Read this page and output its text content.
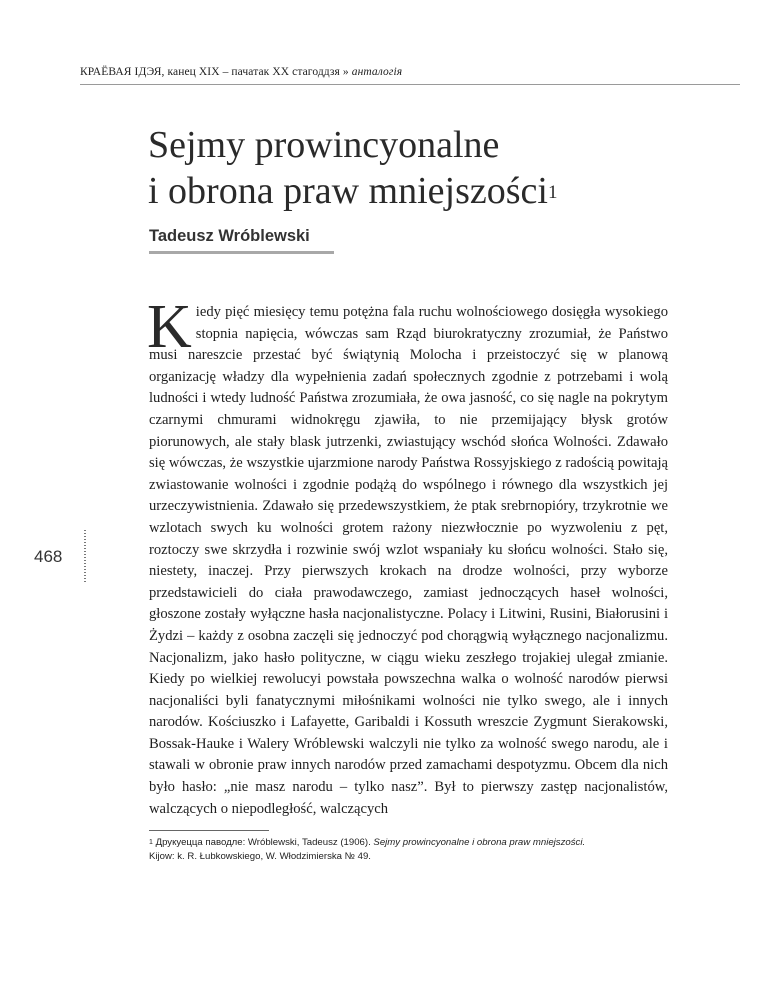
КРАЁВАЯ ІДЭЯ, канец XIX – пачатак XX стагоддзя » анталогія
Sejmy prowincyonalne
i obrona praw mniejszości$^1$
Tadeusz Wróblewski
468

Kiedy pięć miesięcy temu potężna fala ruchu wolnościowego dosięgła wysokiego stopnia napięcia, wówczas sam Rząd biurokratyczny zrozumiał, że Państwo musi nareszcie przestać być świątynią Molocha i przeistoczyć się w planową organizację władzy dla wypełnienia zadań społecznych zgodnie z potrzebami i wolą ludności i wtedy ludność Państwa zrozumiała, że owa jasność, co się nagle na pokrytym czarnymi chmurami widnokręgu zjawiła, to nie przemijający błysk grotów piorunowych, ale stały blask jutrzenki, zwiastujący wschód słońca Wolności. Zdawało się wówczas, że wszystkie ujarzmione narody Państwa Rossyjskiego z radością powitają zwiastowanie wolności i zgodnie podążą do wspólnego i równego dla wszystkich jej urzeczywistnienia. Zdawało się przedewszystkiem, że ptak srebrnopióry, trzykrotnie we wzlotach swych ku wolności grotem rażony niezwłocznie po wyzwoleniu z pęt, roztoczy swe skrzydła i rozwinie swój wzlot wspaniały ku słońcu wolności. Stało się, niestety, inaczej. Przy pierwszych krokach na drodze wolności, przy wyborze przedstawicieli do ciała prawodawczego, zamiast jednoczących haseł wolności, głoszone zostały wyłączne hasła nacjonalistyczne. Polacy i Litwini, Rusini, Białorusini i Żydzi – każdy z osobna zaczęli się jednoczyć pod chorągwią wyłącznego nacjonalizmu. Nacjonalizm, jako hasło polityczne, w ciągu wieku zeszłego trojakiej ulegał zmianie. Kiedy po wielkiej rewolucyi powstała powszechna walka o wolność narodów pierwsi nacjonaliści byli fanatycznymi miłośnikami wolności nie tylko swego, ale i innych narodów. Kościuszko i Lafayette, Garibaldi i Kossuth wreszcie Zygmunt Sierakowski, Bossak-Hauke i Walery Wróblewski walczyli nie tylko za wolność swego narodu, ale i stawali w obronie praw innych narodów przed zamachami despotyzmu. Obcem dla nich było hasło: „nie masz narodu – tylko nasz”. Był to pierwszy zastęp nacjonalistów, walczących o niepodległość, walczących

$^1$ Друкуецца паводле: Wróblewski, Tadeusz (1906). Sejmy prowincyonalne i obrona praw mniejszości.
Kijow: k. R. Łubkowskiego, W. Włodzimierska № 49.
